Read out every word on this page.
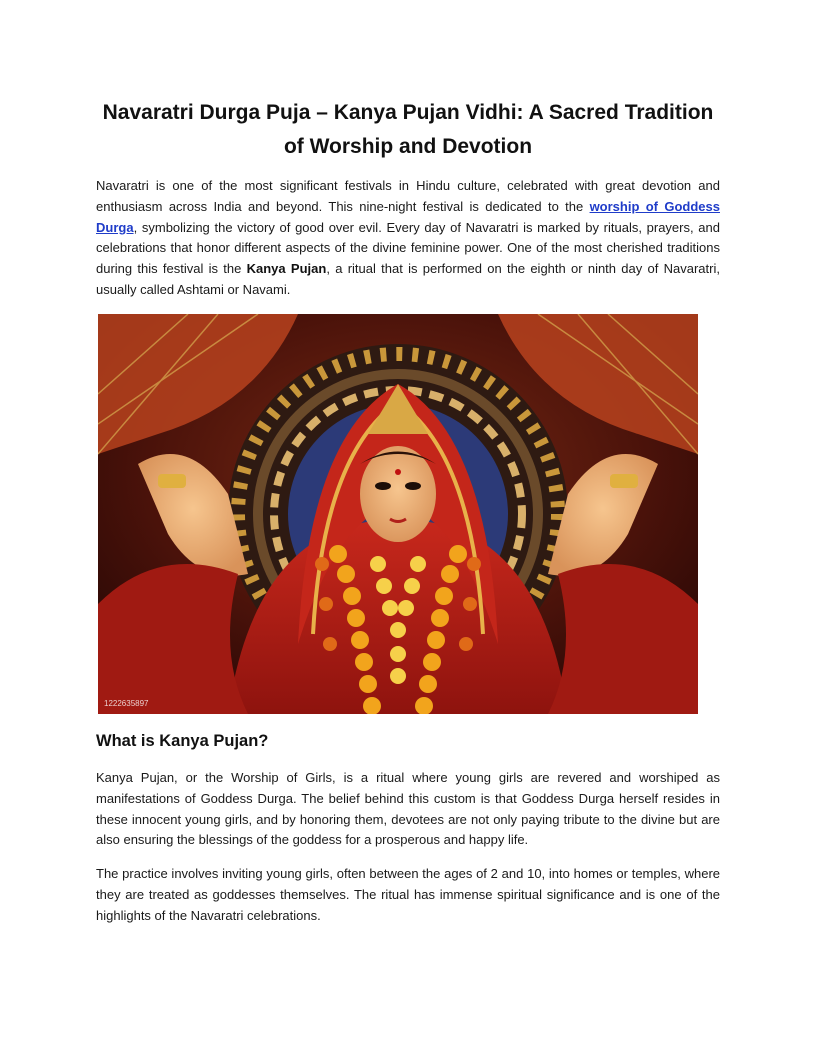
Navaratri Durga Puja – Kanya Pujan Vidhi: A Sacred Tradition of Worship and Devotion

Navaratri is one of the most significant festivals in Hindu culture, celebrated with great devotion and enthusiasm across India and beyond. This nine-night festival is dedicated to the worship of Goddess Durga, symbolizing the victory of good over evil. Every day of Navaratri is marked by rituals, prayers, and celebrations that honor different aspects of the divine feminine power. One of the most cherished traditions during this festival is the Kanya Pujan, a ritual that is performed on the eighth or ninth day of Navaratri, usually called Ashtami or Navami.

1222635897
What is Kanya Pujan?

Kanya Pujan, or the Worship of Girls, is a ritual where young girls are revered and worshiped as manifestations of Goddess Durga. The belief behind this custom is that Goddess Durga herself resides in these innocent young girls, and by honoring them, devotees are not only paying tribute to the divine but are also ensuring the blessings of the goddess for a prosperous and happy life.

The practice involves inviting young girls, often between the ages of 2 and 10, into homes or temples, where they are treated as goddesses themselves. The ritual has immense spiritual significance and is one of the highlights of the Navaratri celebrations.
